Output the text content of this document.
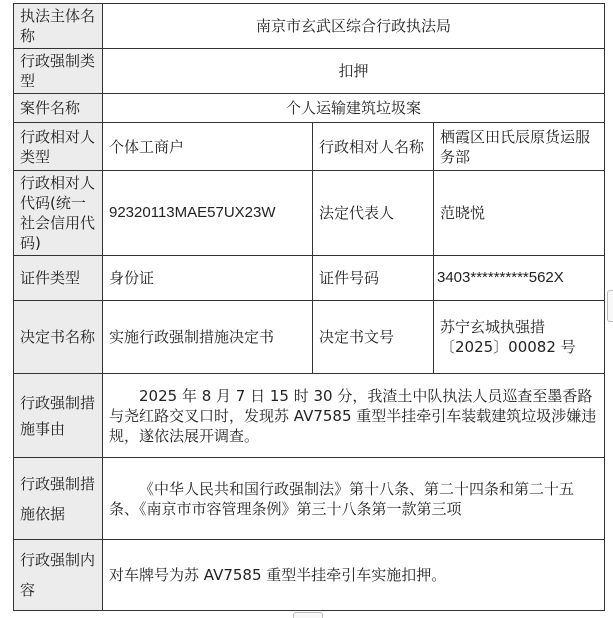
执法主体名称	南京市玄武区综合行政执法局		
行政强制类型	扣押		
案件名称	个人运输建筑垃圾案		
行政相对人类型	个体工商户	行政相对人名称	栖霞区田氏辰原货运服务部
行政相对人代码(统一社会信用代码)	92320113MAE57UX23W	法定代表人	范晓悦
证件类型	身份证	证件号码	3403**********562X
决定书名称	实施行政强制措施决定书	决定书文号	苏宁玄城执强措〔2025〕00082 号
行政强制措施事由	2025 年 8 月 7 日 15 时 30 分，我渣土中队执法人员巡查至墨香路与尧红路交叉口时，发现苏 AV7585 重型半挂牵引车装载建筑垃圾涉嫌违规，遂依法展开调查。		

行政强制措施依据	《中华人民共和国行政强制法》第十八条、第二十四条和第二十五条、《南京市市容管理条例》第三十八条第一款第三项		

行政强制内容	对车牌号为苏 AV7585 重型半挂牵引车实施扣押。		
